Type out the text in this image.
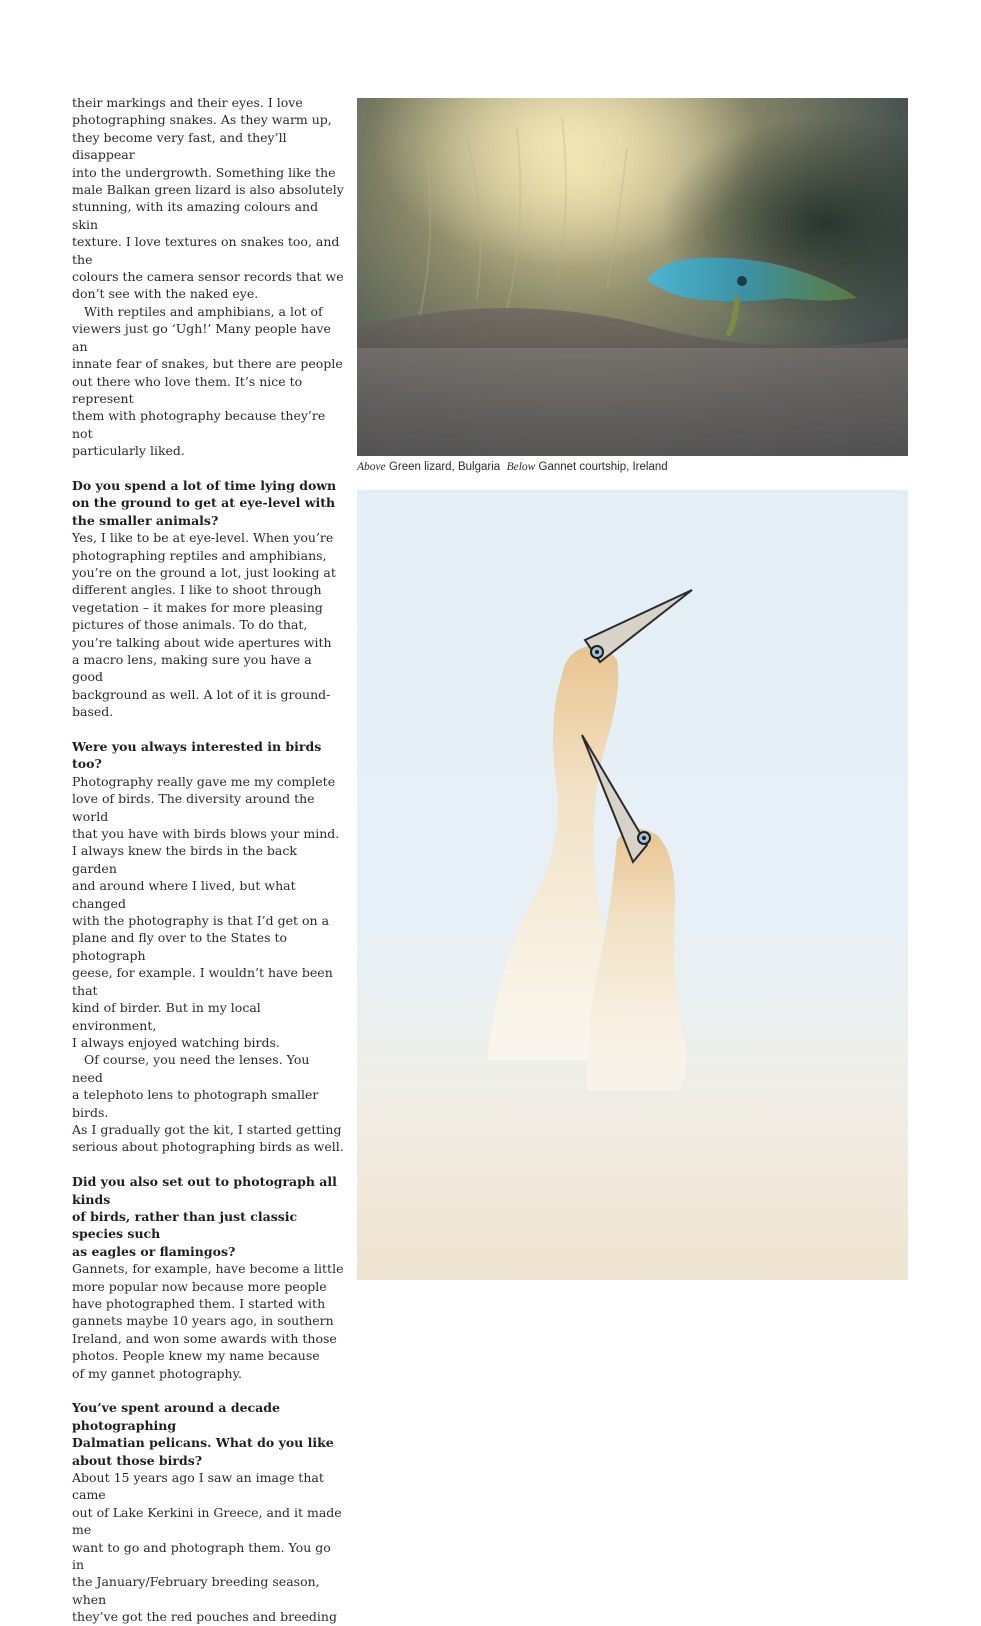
their markings and their eyes. I love
photographing snakes. As they warm up,
they become very fast, and they’ll disappear
into the undergrowth. Something like the
male Balkan green lizard is also absolutely
stunning, with its amazing colours and skin
texture. I love textures on snakes too, and the
colours the camera sensor records that we
don’t see with the naked eye.

With reptiles and amphibians, a lot of
viewers just go ‘Ugh!’ Many people have an
innate fear of snakes, but there are people
out there who love them. It’s nice to represent
them with photography because they’re not
particularly liked.

Do you spend a lot of time lying down
on the ground to get at eye-level with
the smaller animals?

Yes, I like to be at eye-level. When you’re
photographing reptiles and amphibians,
you’re on the ground a lot, just looking at
different angles. I like to shoot through
vegetation – it makes for more pleasing
pictures of those animals. To do that,
you’re talking about wide apertures with
a macro lens, making sure you have a good
background as well. A lot of it is ground-based.

Were you always interested in birds too?

Photography really gave me my complete
love of birds. The diversity around the world
that you have with birds blows your mind.
I always knew the birds in the back garden
and around where I lived, but what changed
with the photography is that I’d get on a
plane and fly over to the States to photograph
geese, for example. I wouldn’t have been that
kind of birder. But in my local environment,
I always enjoyed watching birds.

Of course, you need the lenses. You need
a telephoto lens to photograph smaller birds.
As I gradually got the kit, I started getting
serious about photographing birds as well.

Did you also set out to photograph all kinds
of birds, rather than just classic species such
as eagles or flamingos?

Gannets, for example, have become a little
more popular now because more people
have photographed them. I started with
gannets maybe 10 years ago, in southern
Ireland, and won some awards with those
photos. People knew my name because
of my gannet photography.

You’ve spent around a decade photographing
Dalmatian pelicans. What do you like
about those birds?

About 15 years ago I saw an image that came
out of Lake Kerkini in Greece, and it made me
want to go and photograph them. You go in
the January/February breeding season, when
they’ve got the red pouches and breeding

Above Green lizard, Bulgaria Below Gannet courtship, Ireland
